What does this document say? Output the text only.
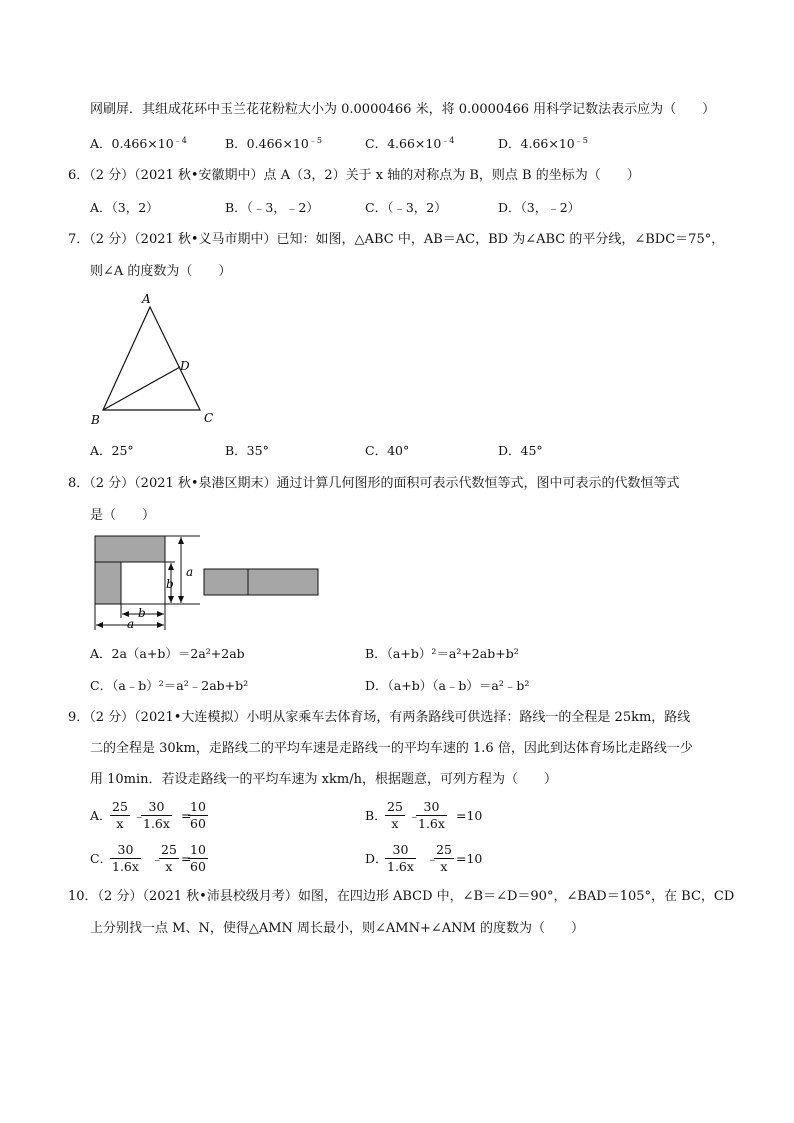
网刷屏．其组成花环中玉兰花花粉粒大小为 0.0000466 米，将 0.0000466 用科学记数法表示应为（　　）
A．$0.466\times 10^{﹣4}$	B．$0.466\times 10^{﹣5}$	C．$4.66\times 10^{﹣4}$	D．$4.66\times 10^{﹣5}$
6．（2 分）（2021 秋•安徽期中）点 A（3，2）关于 x 轴的对称点为 B，则点 B 的坐标为（　　）
A．（3，2）	B．（﹣3，﹣2）	C．（﹣3，2）	D．（3，﹣2）
7．（2 分）（2021 秋•义马市期中）已知：如图，△ABC 中，AB＝AC，BD 为∠ABC 的平分线，∠BDC＝75°，
则∠A 的度数为（　　）
A
B	C
D
A．25°	B．35°	C．40°	D．45°
8．（2 分）（2021 秋•泉港区期末）通过计算几何图形的面积可表示代数恒等式，图中可表示的代数恒等式
是（　　）
a
b
b
a
A．2a（a+b）＝2a²+2ab	B．（a+b）²＝a²+2ab+b²
C．（a﹣b）²＝a²﹣2ab+b²	D．（a+b）（a﹣b）＝a²﹣b²
9．（2 分）（2021•大连模拟）小明从家乘车去体育场，有两条路线可供选择：路线一的全程是 25km，路线
二的全程是 30km，走路线二的平均车速是走路线一的平均车速的 1.6 倍，因此到达体育场比走路线一少
用 10min．若设走路线一的平均车速为 xkm/h，根据题意，可列方程为（　　）
A．
$\frac{25}{x}$ ﹣
$\frac{30}{1.6x}$ =
$\frac{10}{60}$	B．
$\frac{25}{x}$ ﹣
$\frac{30}{1.6x} =10$
C．
$\frac{30}{1.6x}$ ﹣
$\frac{25}{x}$ =
$\frac{10}{60}$	D．
$\frac{30}{1.6x}$ ﹣
$\frac{25}{x} =10$
10．（2 分）（2021 秋•沛县校级月考）如图，在四边形 ABCD 中，∠B＝∠D＝90°，∠BAD＝105°，在 BC，CD
上分别找一点 M、N，使得△AMN 周长最小，则∠AMN+∠ANM 的度数为（　　）
